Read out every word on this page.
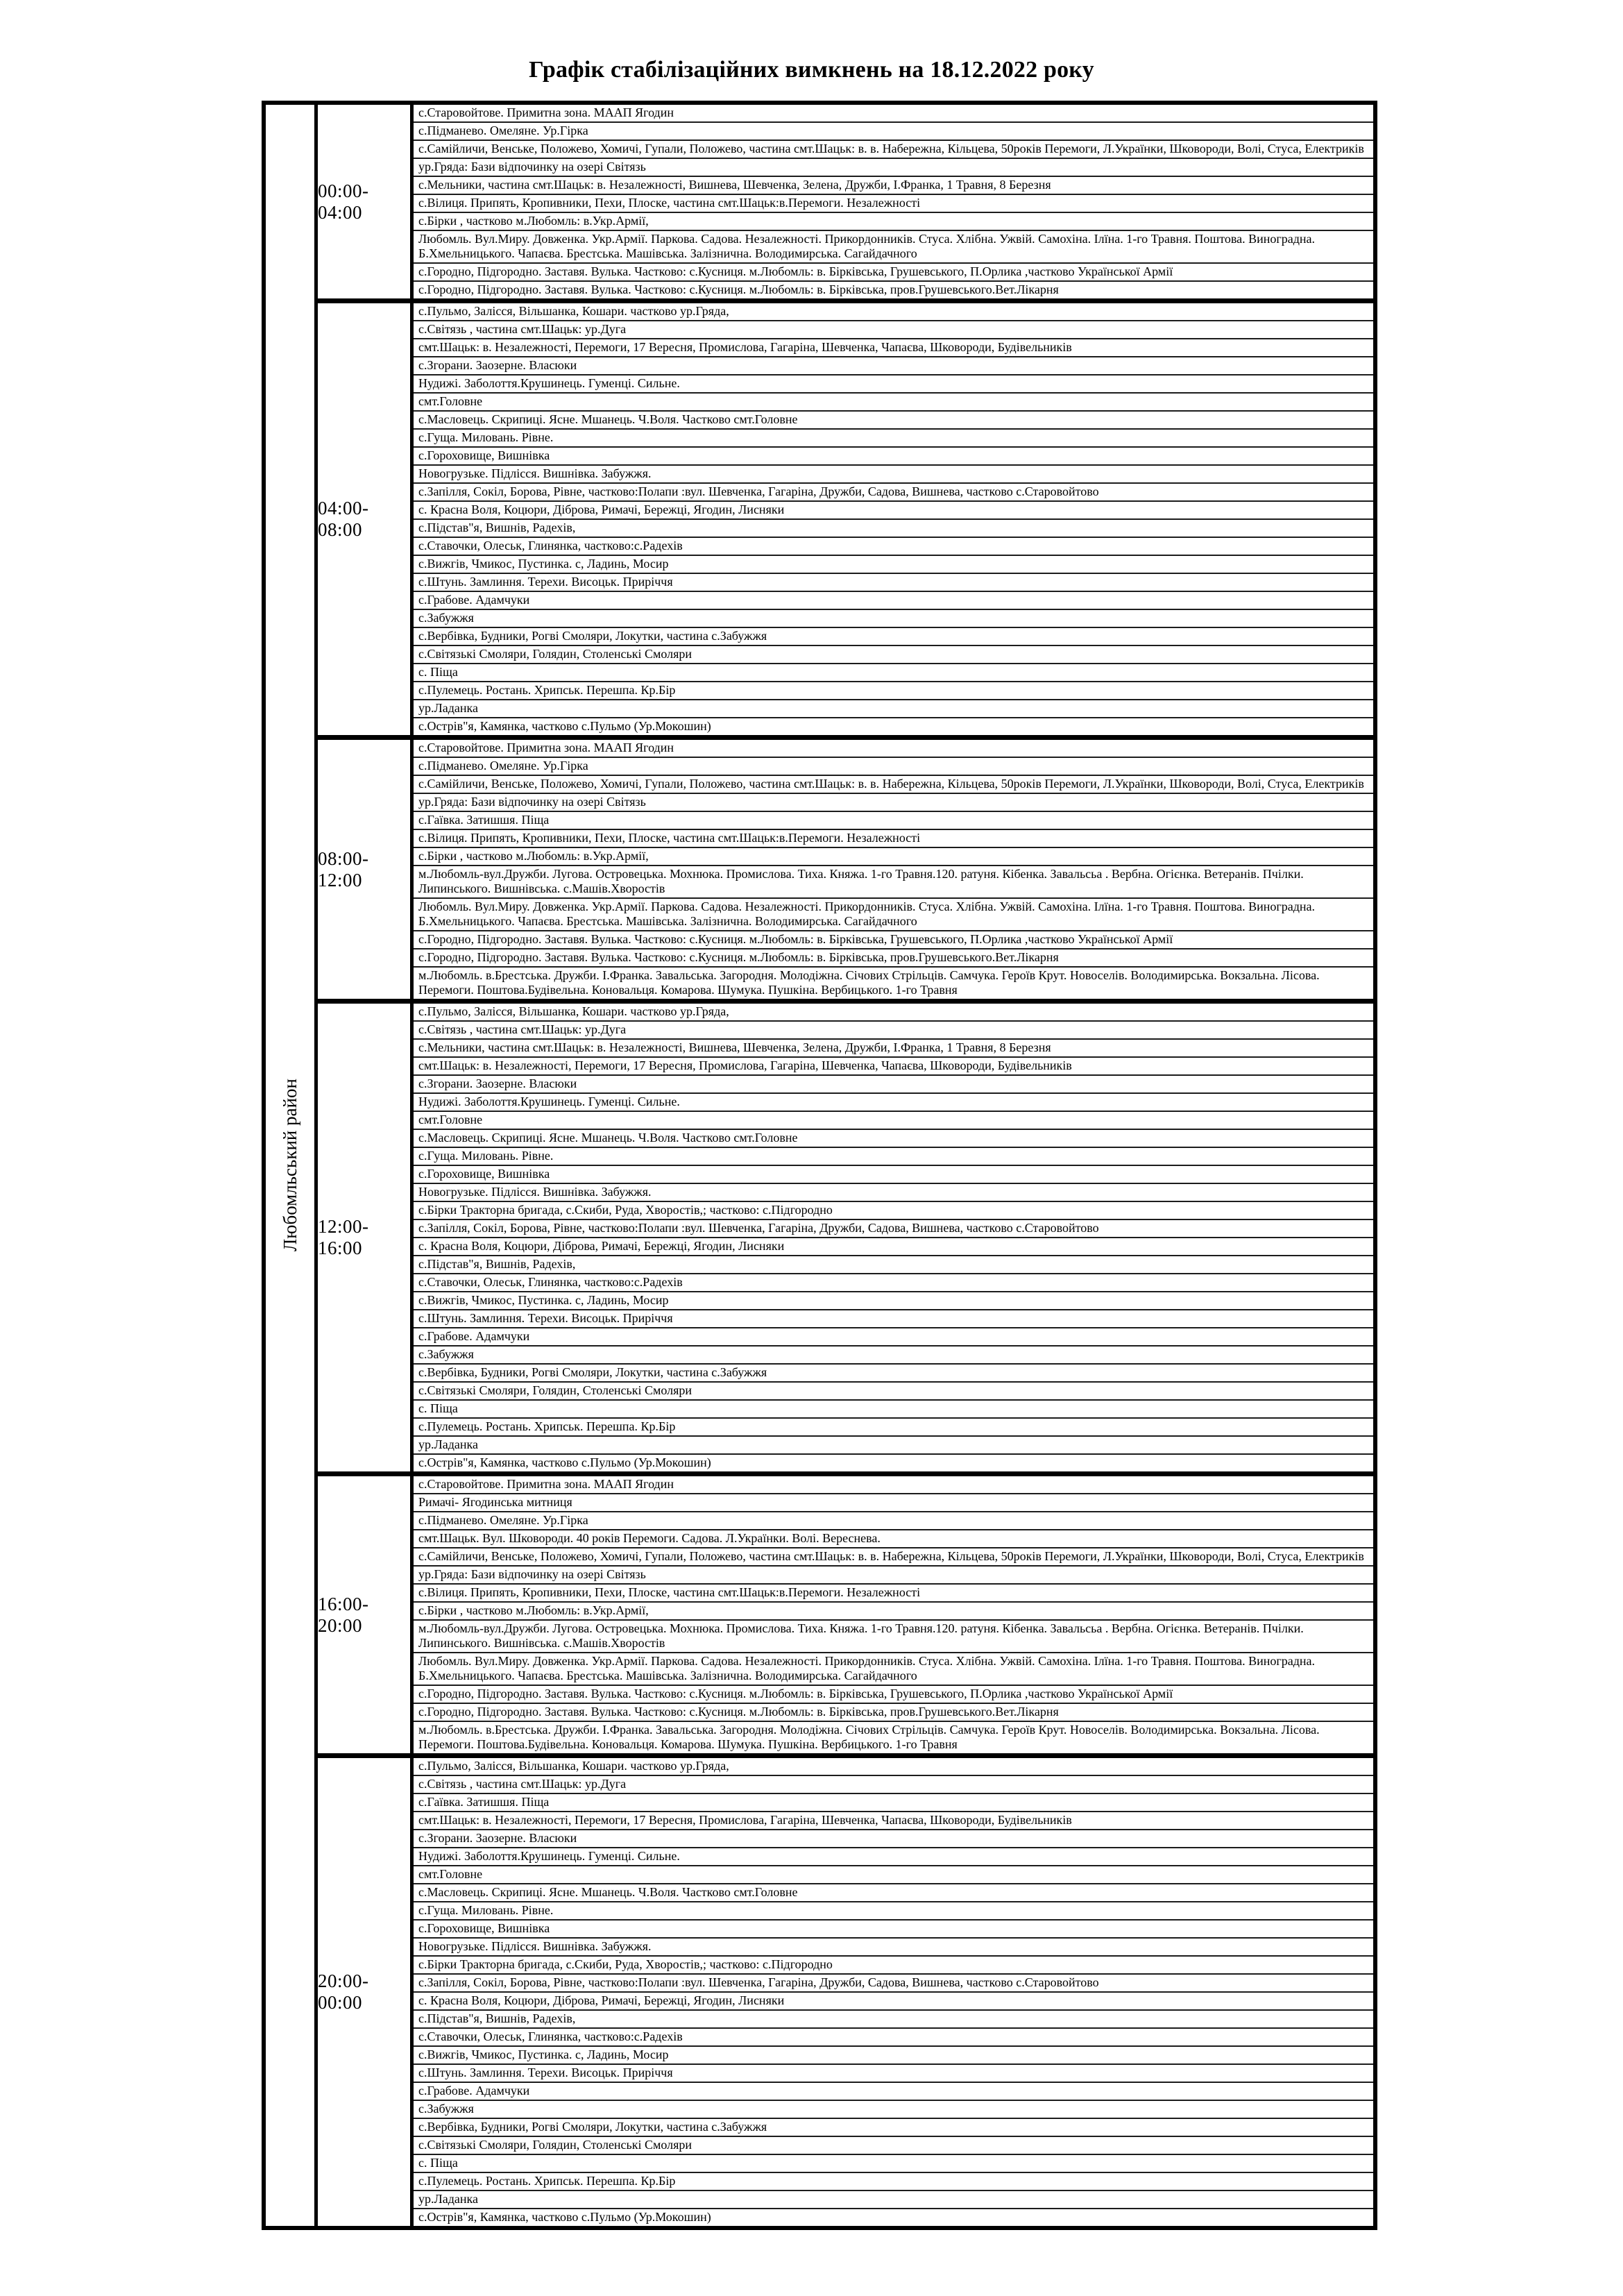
Графік стабілізаційних вимкнень на 18.12.2022 року
Любомльський район
00:00-04:00
с.Старовойтове. Примитна зона. МААП Ягодин
с.Підманево. Омеляне. Ур.Гірка
с.Самійличи, Венське, Положево, Хомичі, Гупали, Положево, частина смт.Шацьк: в. в. Набережна, Кільцева, 50років Перемоги, Л.Українки, Шковороди, Волі, Стуса, Електриків
ур.Гряда: Бази відпочинку на озері Світязь
с.Мельники, частина смт.Шацьк: в. Незалежності, Вишнева, Шевченка, Зелена, Дружби, І.Франка, 1 Травня, 8 Березня
с.Вілиця. Припять, Кропивники, Пехи, Плоске, частина смт.Шацьк:в.Перемоги. Незалежності
с.Бірки , частково м.Любомль: в.Укр.Армії,
Любомль. Вул.Миру. Довженка. Укр.Армії. Паркова. Садова. Незалежності. Прикордонників. Стуса. Хлібна. Ужвій. Самохіна. Ілїна. 1-го Травня. Поштова. Виноградна. Б.Хмельницького. Чапаєва. Брестська. Машівська. Залізнична. Володимирська. Сагайдачного
с.Городно, Підгородно. Заставя. Вулька. Частково: с.Кусниця. м.Любомль: в. Бірківська, Грушевського, П.Орлика ,частково Української Армії
с.Городно, Підгородно. Заставя. Вулька. Частково: с.Кусниця. м.Любомль: в. Бірківська, пров.Грушевського.Вет.Лікарня
04:00-08:00
с.Пульмо, Залісся, Вільшанка, Кошари. частково ур.Гряда,
с.Світязь , частина смт.Шацьк: ур.Дуга
смт.Шацьк: в. Незалежності, Перемоги, 17 Вересня, Промислова, Гагаріна, Шевченка, Чапаєва, Шковороди, Будівельників
с.Згорани. Заозерне. Власюки
Нудижі. Заболоття.Крушинець. Гуменці. Сильне.
смт.Головне
с.Масловець. Скрипиці. Ясне. Мшанець. Ч.Воля. Частково смт.Головне
с.Гуща. Миловань. Рівне.
с.Гороховище, Вишнівка
Новогрузьке. Підлісся. Вишнівка. Забужжя.
с.Запілля, Сокіл, Борова, Рівне, частково:Полапи :вул. Шевченка, Гагаріна, Дружби, Садова, Вишнева, частково с.Старовойтово
с. Красна Воля, Коцюри, Діброва, Римачі, Бережці, Ягодин, Лисняки
с.Підстав"я, Вишнів, Радехів,
с.Ставочки, Олеськ, Глинянка, частково:с.Радехів
с.Вижгів, Чмикос, Пустинка. с, Ладинь, Мосир
с.Штунь. Замлиння. Терехи. Висоцьк. Приріччя
с.Грабове. Адамчуки
с.Забужжя
с.Вербівка, Будники, Рогві Смоляри, Локутки, частина с.Забужжя
с.Світязькі Смоляри, Голядин, Столенські Смоляри
с. Піща
с.Пулемець. Ростань. Хрипськ. Перешпа. Кр.Бір
ур.Ладанка
с.Острів"я, Камянка, частково с.Пульмо (Ур.Мокошин)
08:00-12:00
с.Старовойтове. Примитна зона. МААП Ягодин
с.Підманево. Омеляне. Ур.Гірка
с.Самійличи, Венське, Положево, Хомичі, Гупали, Положево, частина смт.Шацьк: в. в. Набережна, Кільцева, 50років Перемоги, Л.Українки, Шковороди, Волі, Стуса, Електриків
ур.Гряда: Бази відпочинку на озері Світязь
с.Гаївка. Затишшя. Піща
с.Вілиця. Припять, Кропивники, Пехи, Плоске, частина смт.Шацьк:в.Перемоги. Незалежності
с.Бірки , частково м.Любомль: в.Укр.Армії,
м.Любомль-вул.Дружби. Лугова. Островецька. Мохнюка. Промислова. Тиха. Княжа. 1-го Травня.120. ратуня. Кібенка. Завальсьа . Вербна. Огієнка. Ветеранів. Пчілки. Липинського. Вишнівська. с.Машів.Хворостів
Любомль. Вул.Миру. Довженка. Укр.Армії. Паркова. Садова. Незалежності. Прикордонників. Стуса. Хлібна. Ужвій. Самохіна. Ілїна. 1-го Травня. Поштова. Виноградна. Б.Хмельницького. Чапаєва. Брестська. Машівська. Залізнична. Володимирська. Сагайдачного
с.Городно, Підгородно. Заставя. Вулька. Частково: с.Кусниця. м.Любомль: в. Бірківська, Грушевського, П.Орлика ,частково Української Армії
с.Городно, Підгородно. Заставя. Вулька. Частково: с.Кусниця. м.Любомль: в. Бірківська, пров.Грушевського.Вет.Лікарня
м.Любомль. в.Брестська. Дружби. І.Франка. Завальська. Загородня. Молодіжна. Січових Стрільців. Самчука. Героїв Крут. Новоселів. Володимирська. Вокзальна. Лісова. Перемоги. Поштова.Будівельна. Коновальця. Комарова. Шумука. Пушкіна. Вербицького. 1-го Травня
12:00-16:00
с.Пульмо, Залісся, Вільшанка, Кошари. частково ур.Гряда,
с.Світязь , частина смт.Шацьк: ур.Дуга
с.Мельники, частина смт.Шацьк: в. Незалежності, Вишнева, Шевченка, Зелена, Дружби, І.Франка, 1 Травня, 8 Березня
смт.Шацьк: в. Незалежності, Перемоги, 17 Вересня, Промислова, Гагаріна, Шевченка, Чапаєва, Шковороди, Будівельників
с.Згорани. Заозерне. Власюки
Нудижі. Заболоття.Крушинець. Гуменці. Сильне.
смт.Головне
с.Масловець. Скрипиці. Ясне. Мшанець. Ч.Воля. Частково смт.Головне
с.Гуща. Миловань. Рівне.
с.Гороховище, Вишнівка
Новогрузьке. Підлісся. Вишнівка. Забужжя.
с.Бірки Тракторна бригада, с.Скиби, Руда, Хворостів,; частково: с.Підгородно
с.Запілля, Сокіл, Борова, Рівне, частково:Полапи :вул. Шевченка, Гагаріна, Дружби, Садова, Вишнева, частково с.Старовойтово
с. Красна Воля, Коцюри, Діброва, Римачі, Бережці, Ягодин, Лисняки
с.Підстав"я, Вишнів, Радехів,
с.Ставочки, Олеськ, Глинянка, частково:с.Радехів
с.Вижгів, Чмикос, Пустинка. с, Ладинь, Мосир
с.Штунь. Замлиння. Терехи. Висоцьк. Приріччя
с.Грабове. Адамчуки
с.Забужжя
с.Вербівка, Будники, Рогві Смоляри, Локутки, частина с.Забужжя
с.Світязькі Смоляри, Голядин, Столенські Смоляри
с. Піща
с.Пулемець. Ростань. Хрипськ. Перешпа. Кр.Бір
ур.Ладанка
с.Острів"я, Камянка, частково с.Пульмо (Ур.Мокошин)
16:00-20:00
с.Старовойтове. Примитна зона. МААП Ягодин
Римачі- Ягодинська митниця
с.Підманево. Омеляне. Ур.Гірка
смт.Шацьк. Вул. Шковороди. 40 років Перемоги. Садова. Л.Українки. Волі. Вереснева.
с.Самійличи, Венське, Положево, Хомичі, Гупали, Положево, частина смт.Шацьк: в. в. Набережна, Кільцева, 50років Перемоги, Л.Українки, Шковороди, Волі, Стуса, Електриків
ур.Гряда: Бази відпочинку на озері Світязь
с.Вілиця. Припять, Кропивники, Пехи, Плоске, частина смт.Шацьк:в.Перемоги. Незалежності
с.Бірки , частково м.Любомль: в.Укр.Армії,
м.Любомль-вул.Дружби. Лугова. Островецька. Мохнюка. Промислова. Тиха. Княжа. 1-го Травня.120. ратуня. Кібенка. Завальсьа . Вербна. Огієнка. Ветеранів. Пчілки. Липинського. Вишнівська. с.Машів.Хворостів
Любомль. Вул.Миру. Довженка. Укр.Армії. Паркова. Садова. Незалежності. Прикордонників. Стуса. Хлібна. Ужвій. Самохіна. Ілїна. 1-го Травня. Поштова. Виноградна. Б.Хмельницького. Чапаєва. Брестська. Машівська. Залізнична. Володимирська. Сагайдачного
с.Городно, Підгородно. Заставя. Вулька. Частково: с.Кусниця. м.Любомль: в. Бірківська, Грушевського, П.Орлика ,частково Української Армії
с.Городно, Підгородно. Заставя. Вулька. Частково: с.Кусниця. м.Любомль: в. Бірківська, пров.Грушевського.Вет.Лікарня
м.Любомль. в.Брестська. Дружби. І.Франка. Завальська. Загородня. Молодіжна. Січових Стрільців. Самчука. Героїв Крут. Новоселів. Володимирська. Вокзальна. Лісова. Перемоги. Поштова.Будівельна. Коновальця. Комарова. Шумука. Пушкіна. Вербицького. 1-го Травня
20:00-00:00
с.Пульмо, Залісся, Вільшанка, Кошари. частково ур.Гряда,
с.Світязь , частина смт.Шацьк: ур.Дуга
с.Гаївка. Затишшя. Піща
смт.Шацьк: в. Незалежності, Перемоги, 17 Вересня, Промислова, Гагаріна, Шевченка, Чапаєва, Шковороди, Будівельників
с.Згорани. Заозерне. Власюки
Нудижі. Заболоття.Крушинець. Гуменці. Сильне.
смт.Головне
с.Масловець. Скрипиці. Ясне. Мшанець. Ч.Воля. Частково смт.Головне
с.Гуща. Миловань. Рівне.
с.Гороховище, Вишнівка
Новогрузьке. Підлісся. Вишнівка. Забужжя.
с.Бірки Тракторна бригада, с.Скиби, Руда, Хворостів,; частково: с.Підгородно
с.Запілля, Сокіл, Борова, Рівне, частково:Полапи :вул. Шевченка, Гагаріна, Дружби, Садова, Вишнева, частково с.Старовойтово
с. Красна Воля, Коцюри, Діброва, Римачі, Бережці, Ягодин, Лисняки
с.Підстав"я, Вишнів, Радехів,
с.Ставочки, Олеськ, Глинянка, частково:с.Радехів
с.Вижгів, Чмикос, Пустинка. с, Ладинь, Мосир
с.Штунь. Замлиння. Терехи. Висоцьк. Приріччя
с.Грабове. Адамчуки
с.Забужжя
с.Вербівка, Будники, Рогві Смоляри, Локутки, частина с.Забужжя
с.Світязькі Смоляри, Голядин, Столенські Смоляри
с. Піща
с.Пулемець. Ростань. Хрипськ. Перешпа. Кр.Бір
ур.Ладанка
с.Острів"я, Камянка, частково с.Пульмо (Ур.Мокошин)
